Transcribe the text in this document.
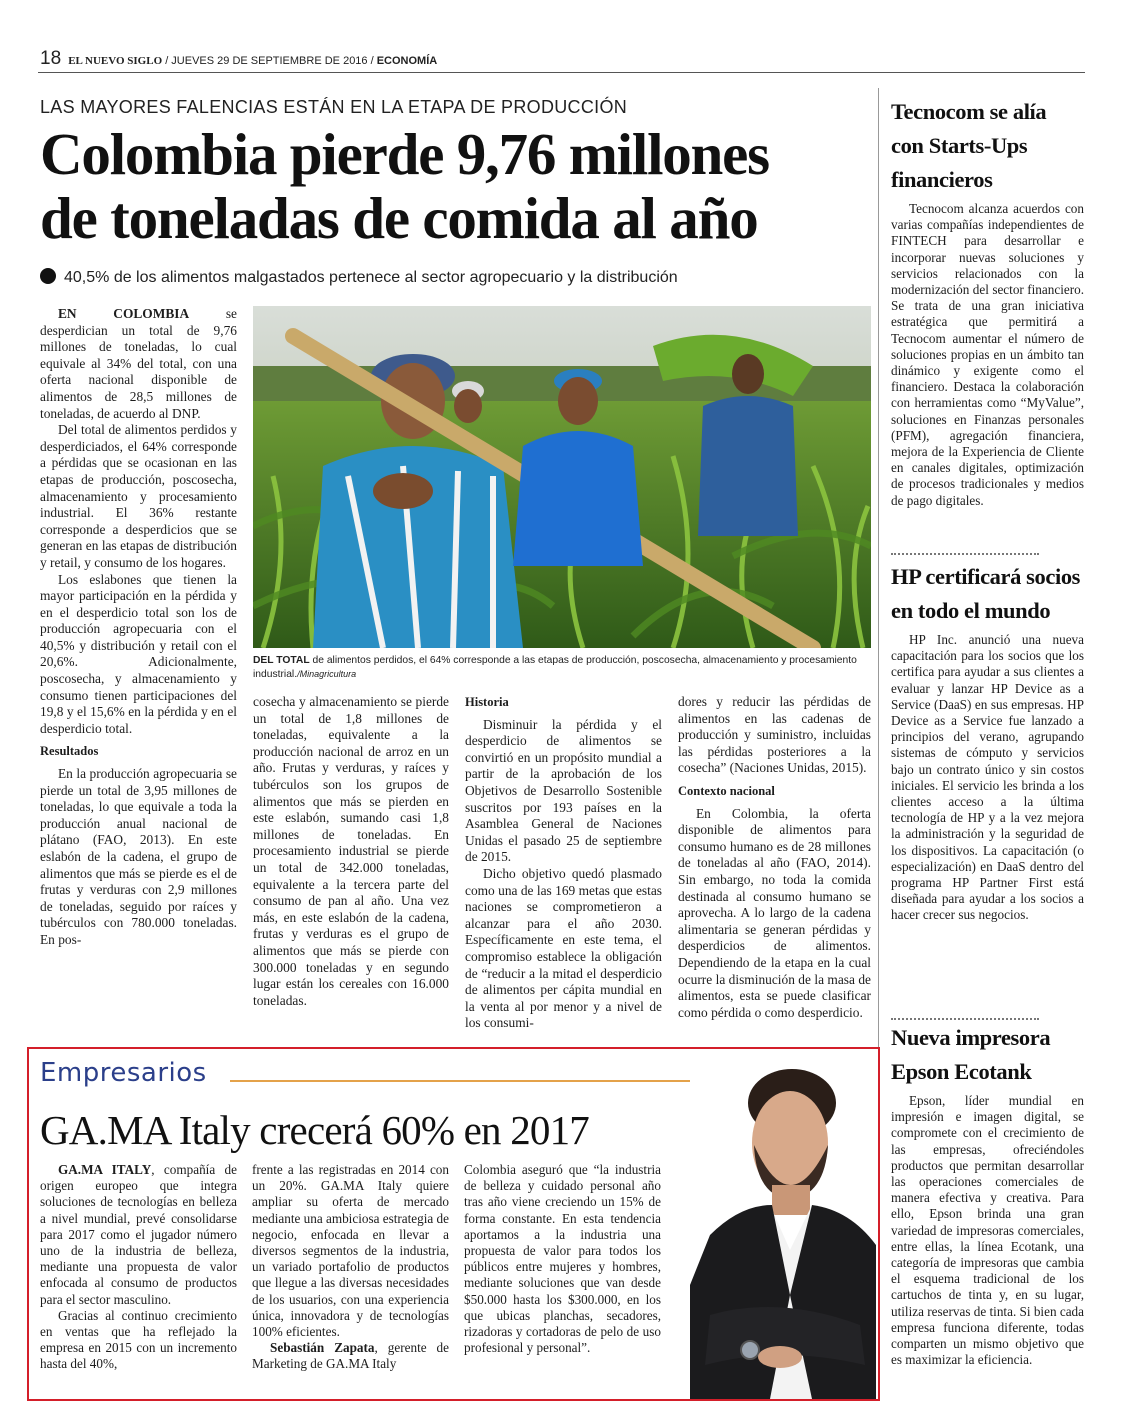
18 EL NUEVO SIGLO / JUEVES 29 DE SEPTIEMBRE DE 2016 / ECONOMÍA
LAS MAYORES FALENCIAS ESTÁN EN LA ETAPA DE PRODUCCIÓN
Colombia pierde 9,76 millones
de toneladas de comida al año
40,5% de los alimentos malgastados pertenece al sector agropecuario y la distribución

EN COLOMBIA se desperdician un total de 9,76 millones de toneladas, lo cual equivale al 34% del total, con una oferta nacional disponible de alimentos de 28,5 millones de toneladas, de acuerdo al DNP.

Del total de alimentos perdidos y desperdiciados, el 64% corresponde a pérdidas que se ocasionan en las etapas de producción, poscosecha, almacenamiento y procesamiento industrial. El 36% restante corresponde a desperdicios que se generan en las etapas de distribución y retail, y consumo de los hogares.

Los eslabones que tienen la mayor participación en la pérdida y en el desperdicio total son los de producción agropecuaria con el 40,5% y distribución y retail con el 20,6%. Adicionalmente, poscosecha, y almacenamiento y consumo tienen participaciones del 19,8 y el 15,6% en la pérdida y en el desperdicio total.

Resultados

En la producción agropecuaria se pierde un total de 3,95 millones de toneladas, lo que equivale a toda la producción anual nacional de plátano (FAO, 2013). En este eslabón de la cadena, el grupo de alimentos que más se pierde es el de frutas y verduras con 2,9 millones de toneladas, seguido por raíces y tubérculos con 780.000 toneladas. En pos-

DEL TOTAL de alimentos perdidos, el 64% corresponde a las etapas de producción, poscosecha, almacenamiento y procesamiento industrial./Minagricultura

cosecha y almacenamiento se pierde un total de 1,8 millones de toneladas, equivalente a la producción nacional de arroz en un año. Frutas y verduras, y raíces y tubérculos son los grupos de alimentos que más se pierden en este eslabón, sumando casi 1,8 millones de toneladas. En procesamiento industrial se pierde un total de 342.000 toneladas, equivalente a la tercera parte del consumo de pan al año. Una vez más, en este eslabón de la cadena, frutas y verduras es el grupo de alimentos que más se pierde con 300.000 toneladas y en segundo lugar están los cereales con 16.000 toneladas.

Historia

Disminuir la pérdida y el desperdicio de alimentos se convirtió en un propósito mundial a partir de la aprobación de los Objetivos de Desarrollo Sostenible suscritos por 193 países en la Asamblea General de Naciones Unidas el pasado 25 de septiembre de 2015.

Dicho objetivo quedó plasmado como una de las 169 metas que estas naciones se comprometieron a alcanzar para el año 2030. Específicamente en este tema, el compromiso establece la obligación de “reducir a la mitad el desperdicio de alimentos per cápita mundial en la venta al por menor y a nivel de los consumi-

dores y reducir las pérdidas de alimentos en las cadenas de producción y suministro, incluidas las pérdidas posteriores a la cosecha” (Naciones Unidas, 2015).

Contexto nacional

En Colombia, la oferta disponible de alimentos para consumo humano es de 28 millones de toneladas al año (FAO, 2014). Sin embargo, no toda la comida destinada al consumo humano se aprovecha. A lo largo de la cadena alimentaria se generan pérdidas y desperdicios de alimentos. Dependiendo de la etapa en la cual ocurre la disminución de la masa de alimentos, esta se puede clasificar como pérdida o como desperdicio.

Tecnocom se alía con Starts-Ups financieros

Tecnocom alcanza acuerdos con varias compañías independientes de FINTECH para desarrollar e incorporar nuevas soluciones y servicios relacionados con la modernización del sector financiero. Se trata de una gran iniciativa estratégica que permitirá a Tecnocom aumentar el número de soluciones propias en un ámbito tan dinámico y exigente como el financiero. Destaca la colaboración con herramientas como “MyValue”, soluciones en Finanzas personales (PFM), agregación financiera, mejora de la Experiencia de Cliente en canales digitales, optimización de procesos tradicionales y medios de pago digitales.

HP certificará socios en todo el mundo

HP Inc. anunció una nueva capacitación para los socios que los certifica para ayudar a sus clientes a evaluar y lanzar HP Device as a Service (DaaS) en sus empresas. HP Device as a Service fue lanzado a principios del verano, agrupando sistemas de cómputo y servicios bajo un contrato único y sin costos iniciales. El servicio les brinda a los clientes acceso a la última tecnología de HP y a la vez mejora la administración y la seguridad de los dispositivos. La capacitación (o especialización) en DaaS dentro del programa HP Partner First está diseñada para ayudar a los socios a hacer crecer sus negocios.

Nueva impresora Epson Ecotank

Epson, líder mundial en impresión e imagen digital, se compromete con el crecimiento de las empresas, ofreciéndoles productos que permitan desarrollar las operaciones comerciales de manera efectiva y creativa. Para ello, Epson brinda una gran variedad de impresoras comerciales, entre ellas, la línea Ecotank, una categoría de impresoras que cambia el esquema tradicional de los cartuchos de tinta y, en su lugar, utiliza reservas de tinta. Si bien cada empresa funciona diferente, todas comparten un mismo objetivo que es maximizar la eficiencia.

Empresarios
GA.MA Italy crecerá 60% en 2017

GA.MA ITALY, compañía de origen europeo que integra soluciones de tecnologías en belleza a nivel mundial, prevé consolidarse para 2017 como el jugador número uno de la industria de belleza, mediante una propuesta de valor enfocada al consumo de productos para el sector masculino.

Gracias al continuo crecimiento en ventas que ha reflejado la empresa en 2015 con un incremento hasta del 40%,

frente a las registradas en 2014 con un 20%. GA.MA Italy quiere ampliar su oferta de mercado mediante una ambiciosa estrategia de negocio, enfocada en llevar a diversos segmentos de la industria, un variado portafolio de productos que llegue a las diversas necesidades de los usuarios, con una experiencia única, innovadora y de tecnologías 100% eficientes.

Sebastián Zapata, gerente de Marketing de GA.MA Italy

Colombia aseguró que “la industria de belleza y cuidado personal año tras año viene creciendo un 15% de forma constante. En esta tendencia aportamos a la industria una propuesta de valor para todos los públicos entre mujeres y hombres, mediante soluciones que van desde $50.000 hasta los $300.000, en los que ubicas planchas, secadores, rizadoras y cortadoras de pelo de uso profesional y personal”.
